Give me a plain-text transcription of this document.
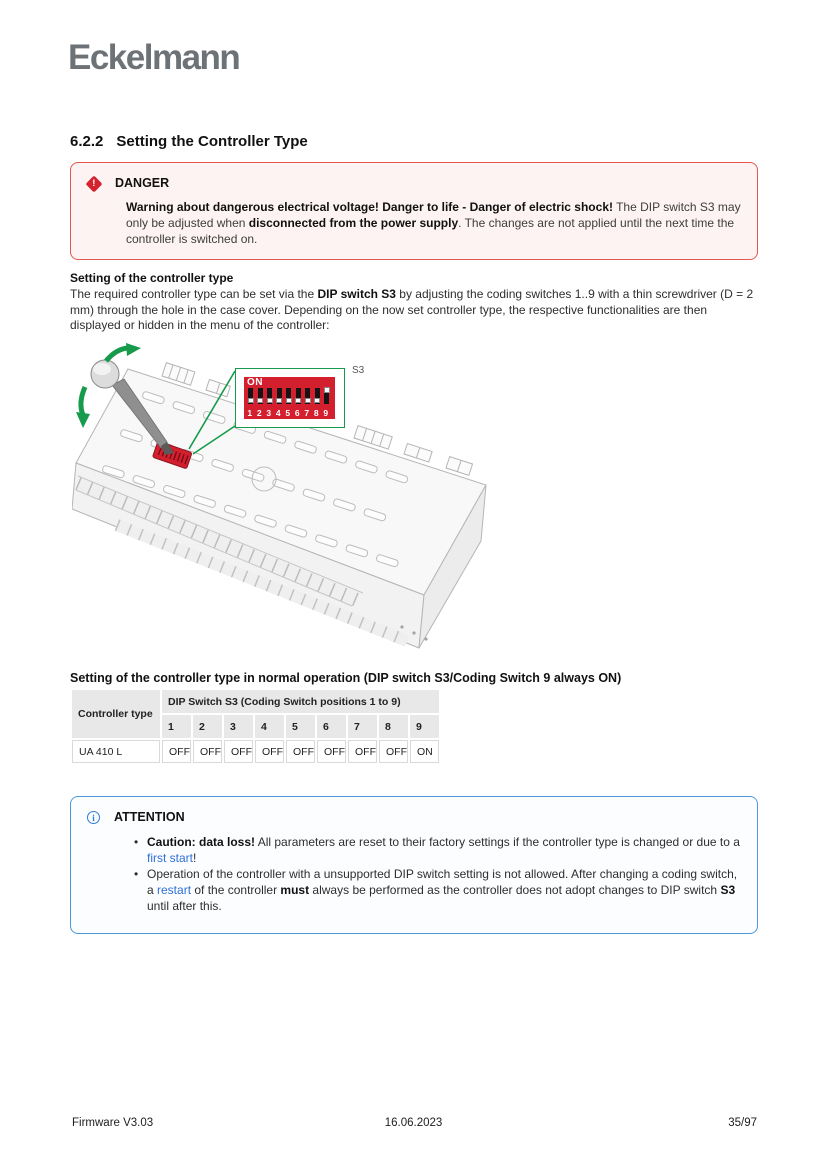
Eckelmann
6.2.2 Setting the Controller Type
! DANGER
Warning about dangerous electrical voltage! Danger to life - Danger of electric shock! The DIP switch S3 may only be adjusted when disconnected from the power supply. The changes are not applied until the next time the controller is switched on.
Setting of the controller type
The required controller type can be set via the DIP switch S3 by adjusting the coding switches 1..9 with a thin screwdriver (D = 2 mm) through the hole in the case cover. Depending on the now set controller type, the respective functionalities are then displayed or hidden in the menu of the controller:
ON
1 2 3 4 5 6 7 8 9
S3
Setting of the controller type in normal operation (DIP switch S3/Coding Switch 9 always ON)
Controller type	DIP Switch S3 (Coding Switch positions 1 to 9)								
	1	2	3	4	5	6	7	8	9
UA 410 L	OFF	OFF	OFF	OFF	OFF	OFF	OFF	OFF	ON
i ATTENTION
• Caution: data loss! All parameters are reset to their factory settings if the controller type is changed or due to a first start!
• Operation of the controller with a unsupported DIP switch setting is not allowed. After changing a coding switch, a restart of the controller must always be performed as the controller does not adopt changes to DIP switch S3 until after this.
Firmware V3.03	16.06.2023	35/97
